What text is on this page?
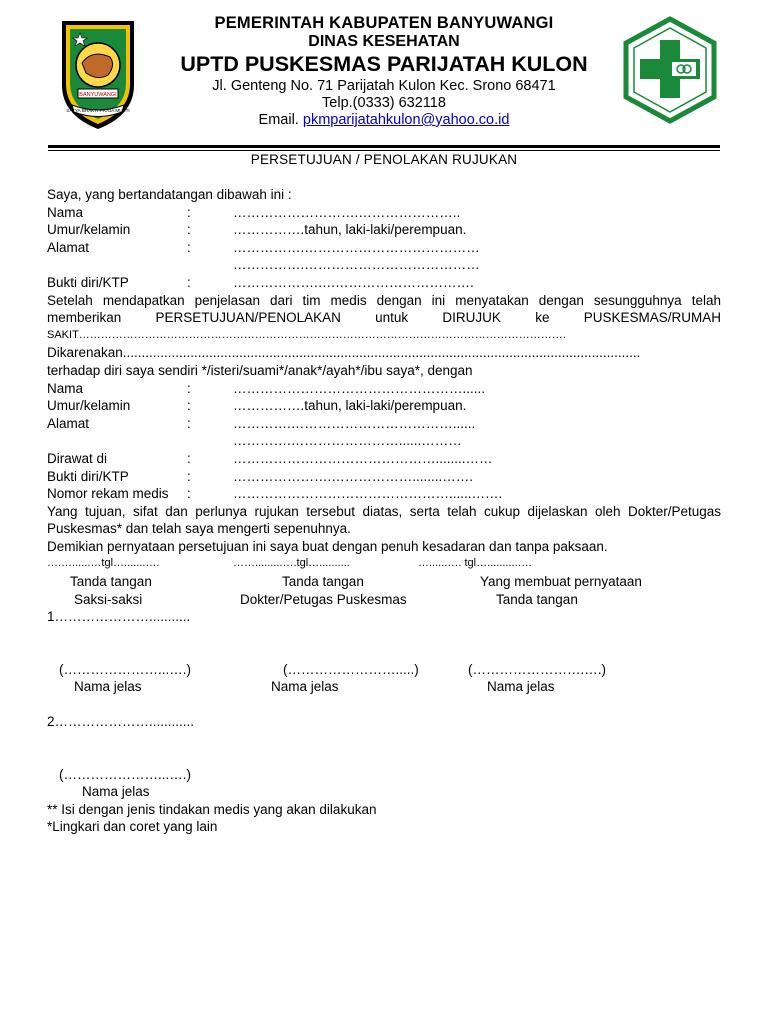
BANYUWANGI
SATYA BHAKTI PRAJA MUKTI
PEMERINTAH KABUPATEN BANYUWANGI
DINAS KESEHATAN
UPTD PUSKESMAS PARIJATAH KULON
Jl. Genteng No. 71 Parijatah Kulon Kec. Srono 68471
Telp.(0333) 632118
Email. pkmparijatahkulon@yahoo.co.id
PERSETUJUAN / PENOLAKAN RUJUKAN
Saya, yang bertandatangan dibawah ini :
Nama	:	……………………….…………………..
Umur/kelamin	:	…………….tahun, laki-laki/perempuan.
Alamat	:	…………….…………………………………
…………….…………………………………
Bukti diri/KTP	:	……………….….………………………….
Setelah mendapatkan penjelasan dari tim medis dengan ini menyatakan dengan sesungguhnya telah
memberikan	PERSETUJUAN/PENOLAKAN	untuk	DIRUJUK	ke	PUSKESMAS/RUMAH
SAKIT…………………………………………………………………………………………………………………….
Dikarenakan..........................................................................................................................................
terhadap diri saya sendiri */isteri/suami*/anak*/ayah*/ibu saya*, dengan
Nama	:	……………………………………………......
Umur/kelamin	:	…………….tahun, laki-laki/perempuan.
Alamat	:	………….………………………………......
………….……………………......………
Dirawat di	:	………………………………………........……
Bukti diri/KTP	:	………………….………………........…….
Nomor rekam medis :	…………………………………………......…….
Yang tujuan, sifat dan perlunya rujukan tersebut diatas, serta telah cukup dijelaskan oleh Dokter/Petugas
Puskesmas* dan telah saya mengerti sepenuhnya.
Demikian pernyataan persetujuan ini saya buat dengan penuh kesadaran dan tanpa paksaan.
….…......…tgl….......….	…….........….tgl…..........	…......…. tgl…..........….
Tanda tangan	Tanda tangan	Yang membuat pernyataan
Saksi-saksi	Dokter/Petugas Puskesmas	Tanda tangan
1…………………...........
(…………………...….)	(…………………….....)	(…………………….….)
Nama jelas	Nama jelas	Nama jelas
2…………………............
(…………………...….)
Nama jelas
** Isi dengan jenis tindakan medis yang akan dilakukan
*Lingkari dan coret yang lain
